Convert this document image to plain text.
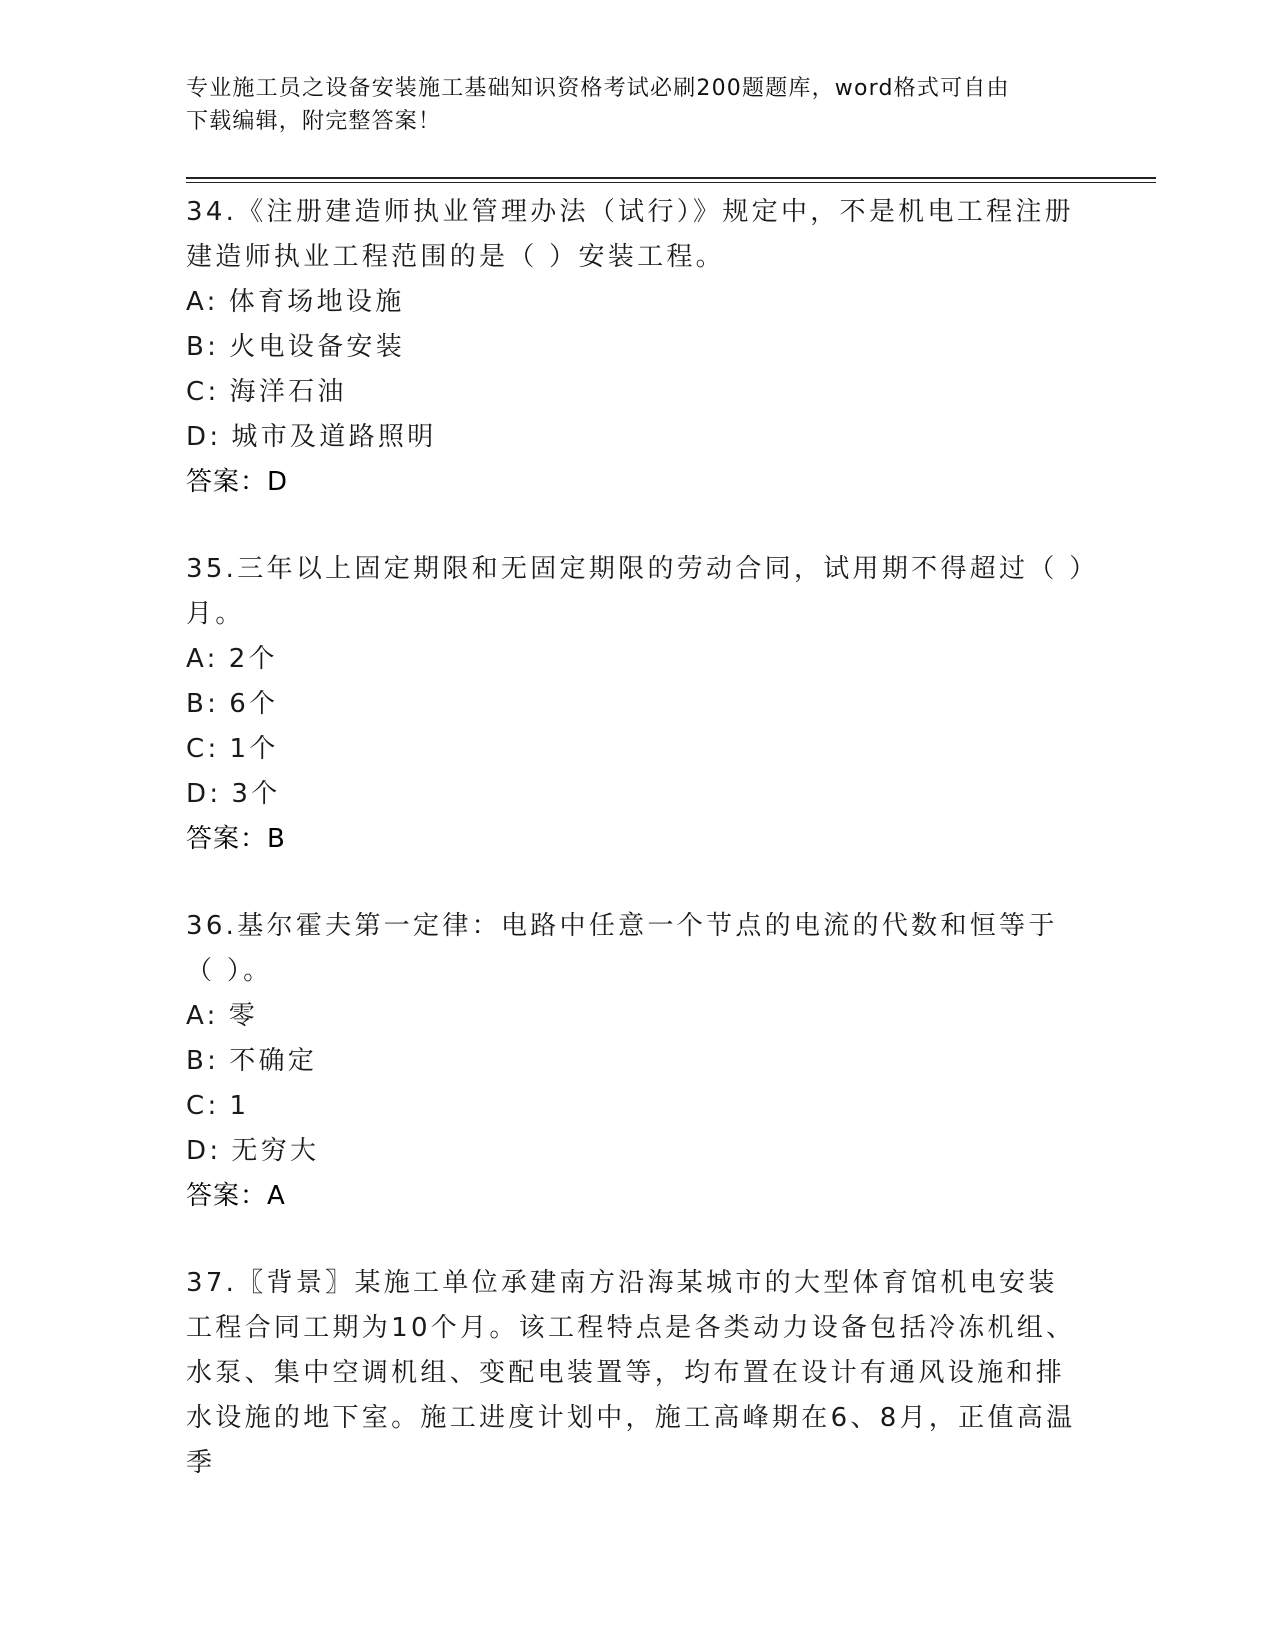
专业施工员之设备安装施工基础知识资格考试必刷200题题库，word格式可自由
下载编辑，附完整答案！

34.《注册建造师执业管理办法（试行）》规定中，不是机电工程注册建造师执业工程范围的是（ ）安装工程。

A: 体育场地设施
B: 火电设备安装
C: 海洋石油
D: 城市及道路照明
答案：D

35.三年以上固定期限和无固定期限的劳动合同，试用期不得超过（ ）月。

A: 2个
B: 6个
C: 1个
D: 3个
答案：B

36.基尔霍夫第一定律：电路中任意一个节点的电流的代数和恒等于（ ）。

A: 零
B: 不确定
C: 1
D: 无穷大
答案：A

37.〖背景〗某施工单位承建南方沿海某城市的大型体育馆机电安装工程合同工期为10个月。该工程特点是各类动力设备包括冷冻机组、水泵、集中空调机组、变配电装置等，均布置在设计有通风设施和排水设施的地下室。施工进度计划中，施工高峰期在6、8月，正值高温季
